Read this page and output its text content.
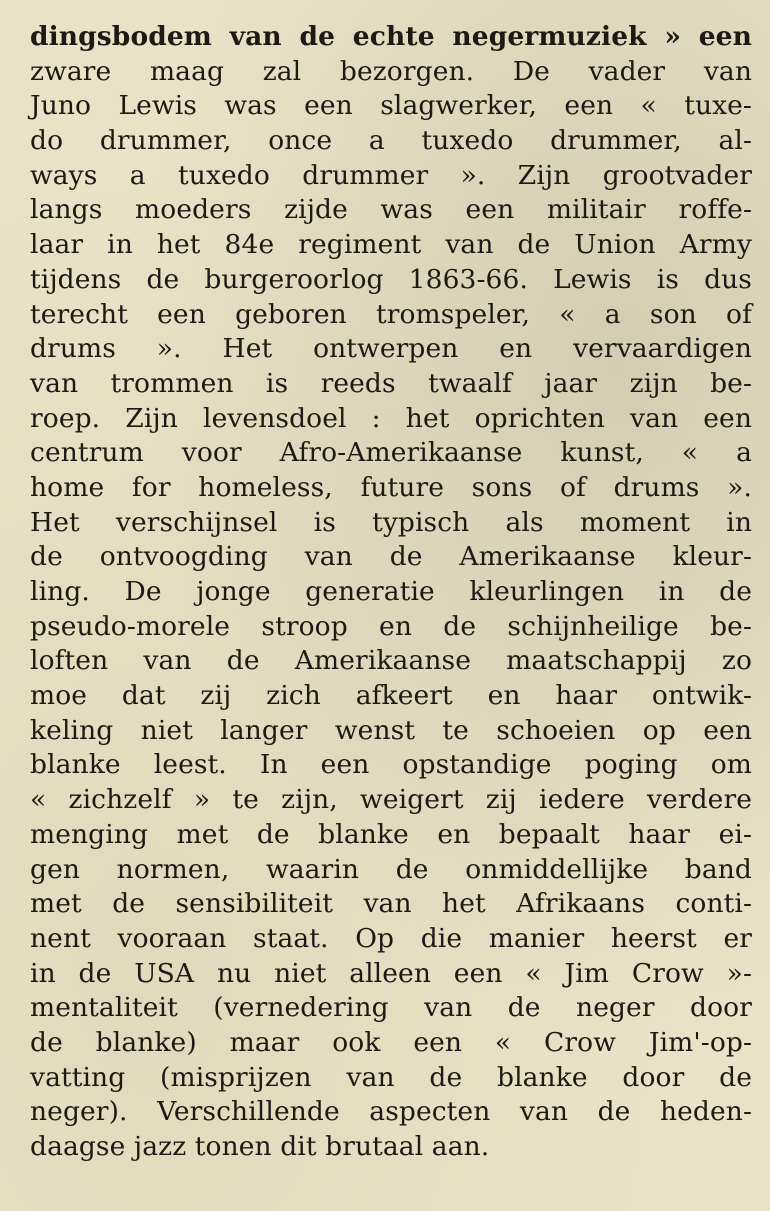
dingsbodem van de echte negermuziek » een
zware maag zal bezorgen. De vader van
Juno Lewis was een slagwerker, een « tuxe-
do drummer, once a tuxedo drummer, al-
ways a tuxedo drummer ». Zijn grootvader
langs moeders zijde was een militair roffe-
laar in het 84e regiment van de Union Army
tijdens de burgeroorlog 1863-66. Lewis is dus
terecht een geboren tromspeler, « a son of
drums ». Het ontwerpen en vervaardigen
van trommen is reeds twaalf jaar zijn be-
roep. Zijn levensdoel : het oprichten van een
centrum voor Afro-Amerikaanse kunst, « a
home for homeless, future sons of drums ».
Het verschijnsel is typisch als moment in
de ontvoogding van de Amerikaanse kleur-
ling. De jonge generatie kleurlingen in de
pseudo-morele stroop en de schijnheilige be-
loften van de Amerikaanse maatschappij zo
moe dat zij zich afkeert en haar ontwik-
keling niet langer wenst te schoeien op een
blanke leest. In een opstandige poging om
« zichzelf » te zijn, weigert zij iedere verdere
menging met de blanke en bepaalt haar ei-
gen normen, waarin de onmiddellijke band
met de sensibiliteit van het Afrikaans conti-
nent vooraan staat. Op die manier heerst er
in de USA nu niet alleen een « Jim Crow »-
mentaliteit (vernedering van de neger door
de blanke) maar ook een « Crow Jim'-op-
vatting (misprijzen van de blanke door de
neger). Verschillende aspecten van de heden-
daagse jazz tonen dit brutaal aan.
